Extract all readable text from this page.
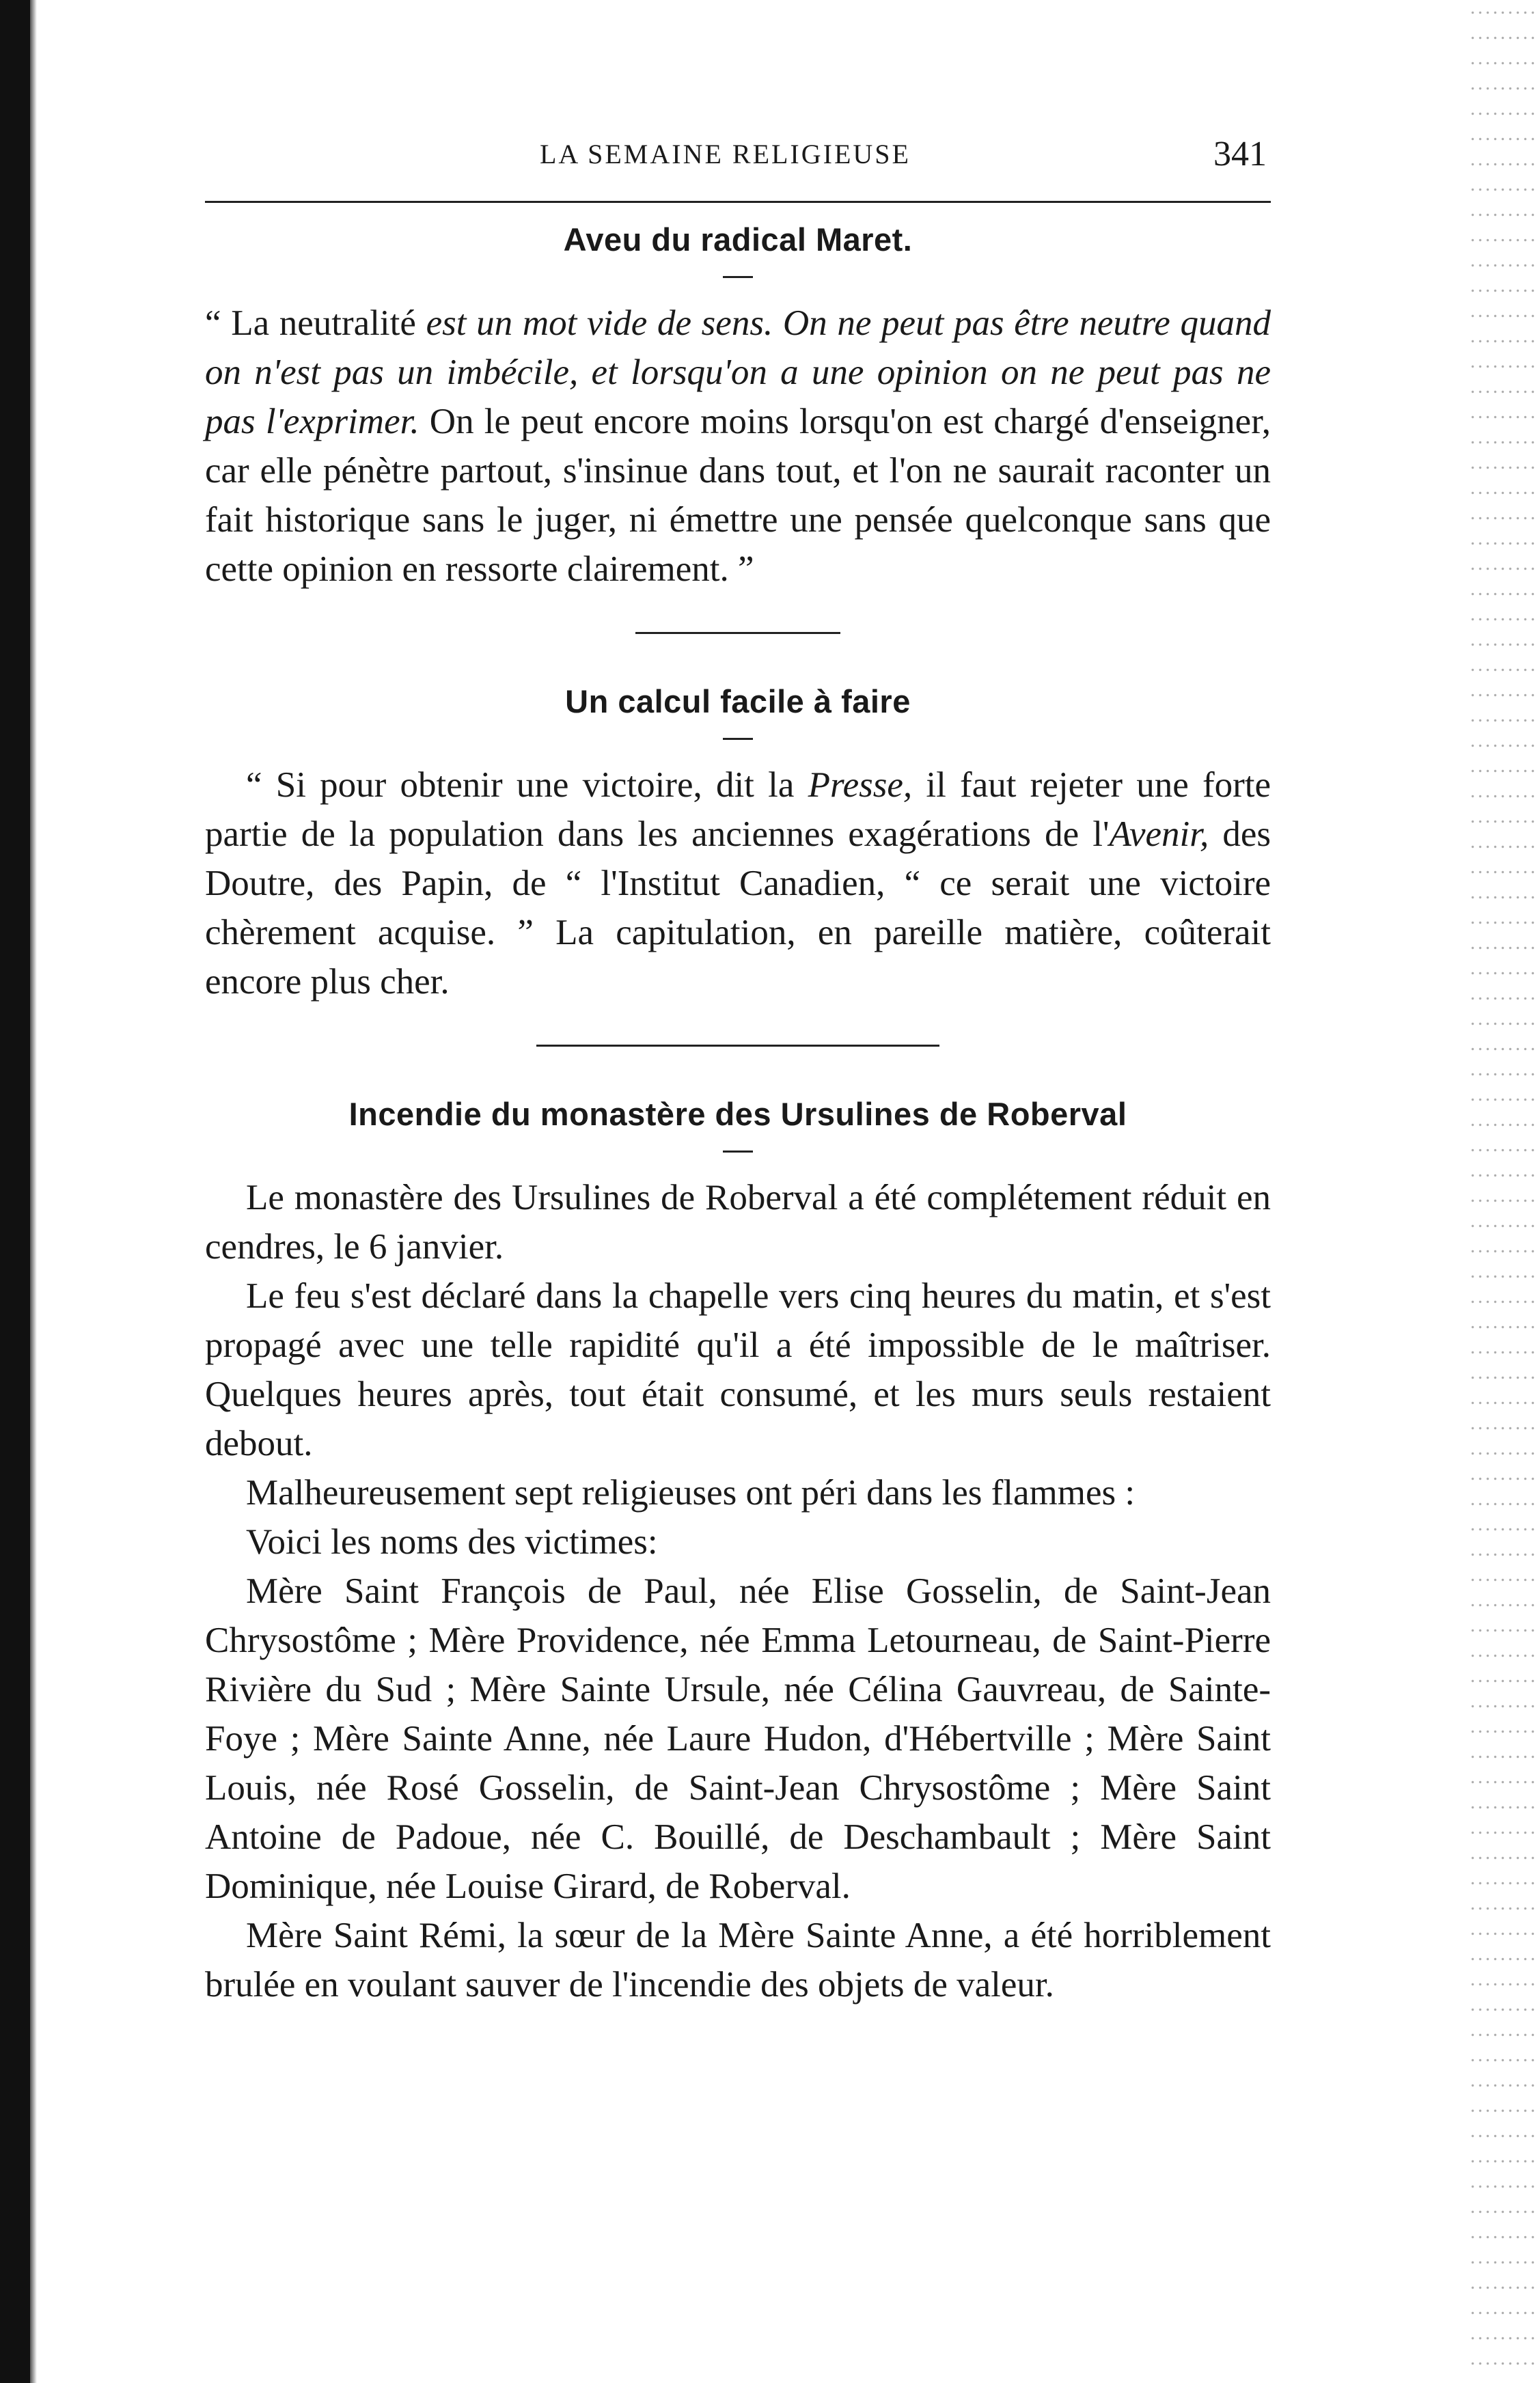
LA SEMAINE RELIGIEUSE	341
Aveu du radical Maret.

“ La neutralité est un mot vide de sens. On ne peut pas être neutre quand on n'est pas un imbécile, et lorsqu'on a une opinion on ne peut pas ne pas l'exprimer. On le peut encore moins lorsqu'on est chargé d'enseigner, car elle pénètre partout, s'insinue dans tout, et l'on ne saurait raconter un fait historique sans le juger, ni émettre une pensée quelconque sans que cette opinion en ressorte clairement. ”

Un calcul facile à faire

“ Si pour obtenir une victoire, dit la Presse, il faut rejeter une forte partie de la population dans les anciennes exagérations de l'Avenir, des Doutre, des Papin, de “ l'Institut Canadien, “ ce serait une victoire chèrement acquise. ” La capitulation, en pareille matière, coûterait encore plus cher.

Incendie du monastère des Ursulines de Roberval

Le monastère des Ursulines de Roberval a été complétement réduit en cendres, le 6 janvier.

Le feu s'est déclaré dans la chapelle vers cinq heures du matin, et s'est propagé avec une telle rapidité qu'il a été impossible de le maîtriser. Quelques heures après, tout était consumé, et les murs seuls restaient debout.

Malheureusement sept religieuses ont péri dans les flammes :

Voici les noms des victimes:

Mère Saint François de Paul, née Elise Gosselin, de Saint-Jean Chrysostôme ; Mère Providence, née Emma Letourneau, de Saint-Pierre Rivière du Sud ; Mère Sainte Ursule, née Célina Gauvreau, de Sainte-Foye ; Mère Sainte Anne, née Laure Hudon, d'Hébertville ; Mère Saint Louis, née Rosé Gosselin, de Saint-Jean Chrysostôme ; Mère Saint Antoine de Padoue, née C. Bouillé, de Deschambault ; Mère Saint Dominique, née Louise Girard, de Roberval.

Mère Saint Rémi, la sœur de la Mère Sainte Anne, a été horriblement brulée en voulant sauver de l'incendie des objets de valeur.
